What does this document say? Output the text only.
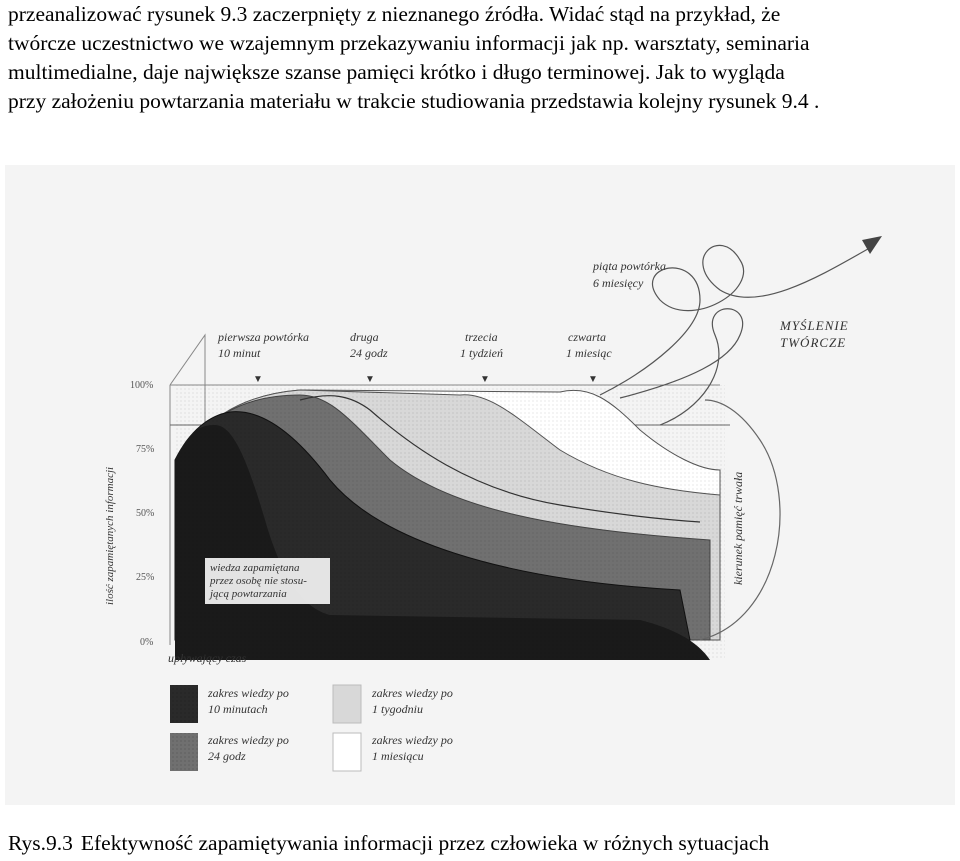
przeanalizować rysunek 9.3 zaczerpnięty z nieznanego źródła. Widać stąd na przykład, że
twórcze uczestnictwo we wzajemnym przekazywaniu informacji jak np. warsztaty, seminaria
multimedialne, daje największe szanse pamięci krótko i długo terminowej. Jak to wygląda
przy założeniu powtarzania materiału w trakcie studiowania przedstawia kolejny rysunek 9.4 .
100%
75%
50%
25%
0%
ilość zapamiętanych informacji
▼	▼	▼	▼
pierwsza powtórka 10 minut
druga 24 godz
trzecia 1 tydzień
czwarta 1 miesiąc
piąta powtórka 6 miesięcy
MYŚLENIE TWÓRCZE
kierunek pamięć trwała
wiedza zapamiętana przez osobę nie stosu- jącą powtarzania
upływający czas
zakres wiedzy po 10 minutach
zakres wiedzy po 1 tygodniu
zakres wiedzy po 24 godz
zakres wiedzy po 1 miesiącu

Rys.9.3 Efektywność zapamiętywania informacji przez człowieka w różnych sytuacjach
